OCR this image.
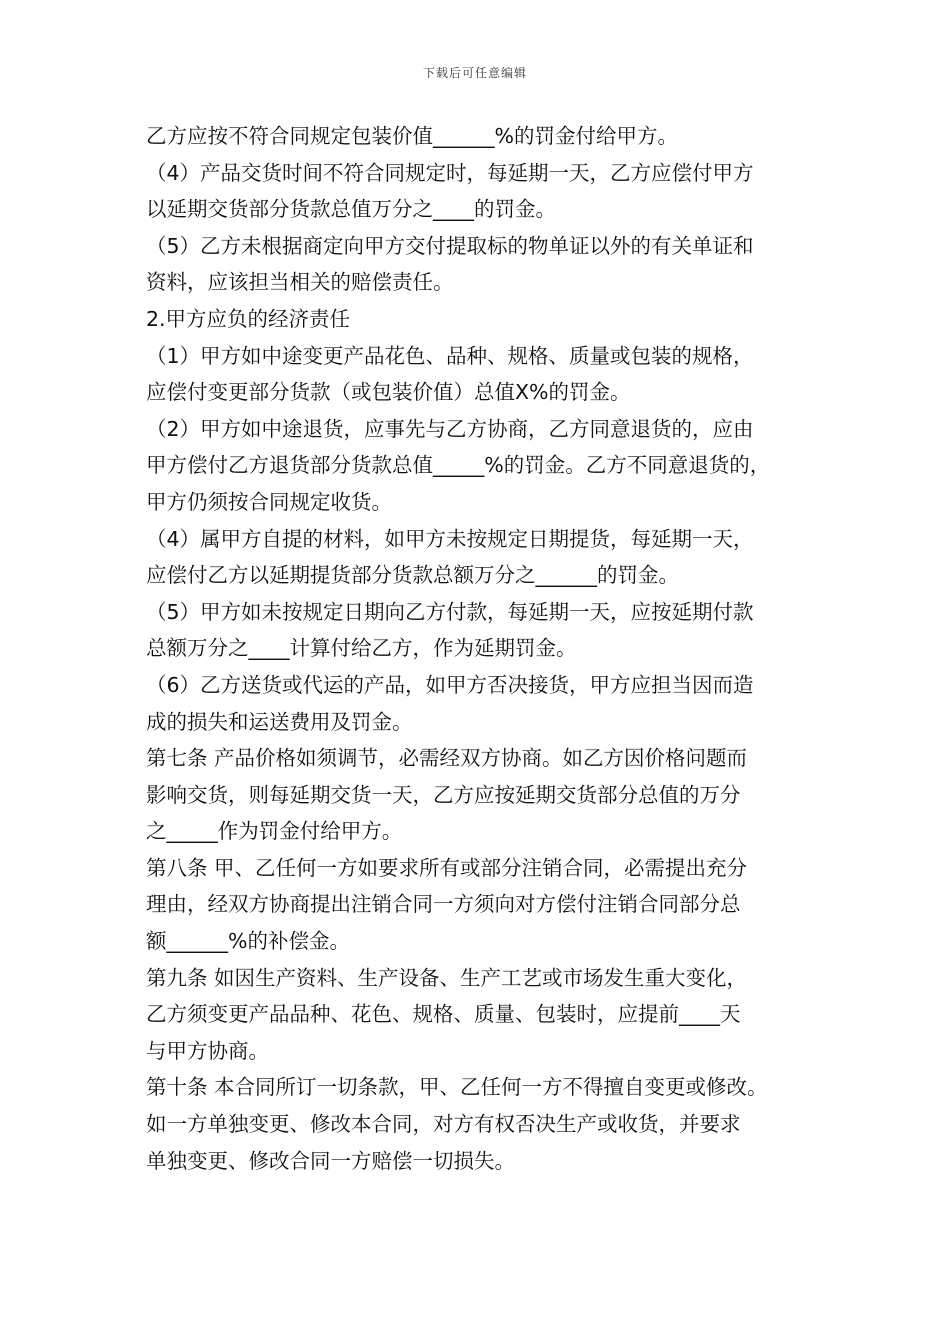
下载后可任意编辑
乙方应按不符合同规定包装价值______%的罚金付给甲方。
（4）产品交货时间不符合同规定时，每延期一天，乙方应偿付甲方
以延期交货部分货款总值万分之____的罚金。
（5）乙方未根据商定向甲方交付提取标的物单证以外的有关单证和
资料，应该担当相关的赔偿责任。
2.甲方应负的经济责任
（1）甲方如中途变更产品花色、品种、规格、质量或包装的规格，
应偿付变更部分货款（或包装价值）总值X%的罚金。
（2）甲方如中途退货，应事先与乙方协商，乙方同意退货的，应由
甲方偿付乙方退货部分货款总值_____%的罚金。乙方不同意退货的，
甲方仍须按合同规定收货。
（4）属甲方自提的材料，如甲方未按规定日期提货，每延期一天，
应偿付乙方以延期提货部分货款总额万分之______的罚金。
（5）甲方如未按规定日期向乙方付款，每延期一天，应按延期付款
总额万分之____计算付给乙方，作为延期罚金。
（6）乙方送货或代运的产品，如甲方否决接货，甲方应担当因而造
成的损失和运送费用及罚金。
第七条 产品价格如须调节，必需经双方协商。如乙方因价格问题而
影响交货，则每延期交货一天，乙方应按延期交货部分总值的万分
之_____作为罚金付给甲方。
第八条 甲、乙任何一方如要求所有或部分注销合同，必需提出充分
理由，经双方协商提出注销合同一方须向对方偿付注销合同部分总
额______%的补偿金。
第九条 如因生产资料、生产设备、生产工艺或市场发生重大变化，
乙方须变更产品品种、花色、规格、质量、包装时，应提前____天
与甲方协商。
第十条 本合同所订一切条款，甲、乙任何一方不得擅自变更或修改。
如一方单独变更、修改本合同，对方有权否决生产或收货，并要求
单独变更、修改合同一方赔偿一切损失。
